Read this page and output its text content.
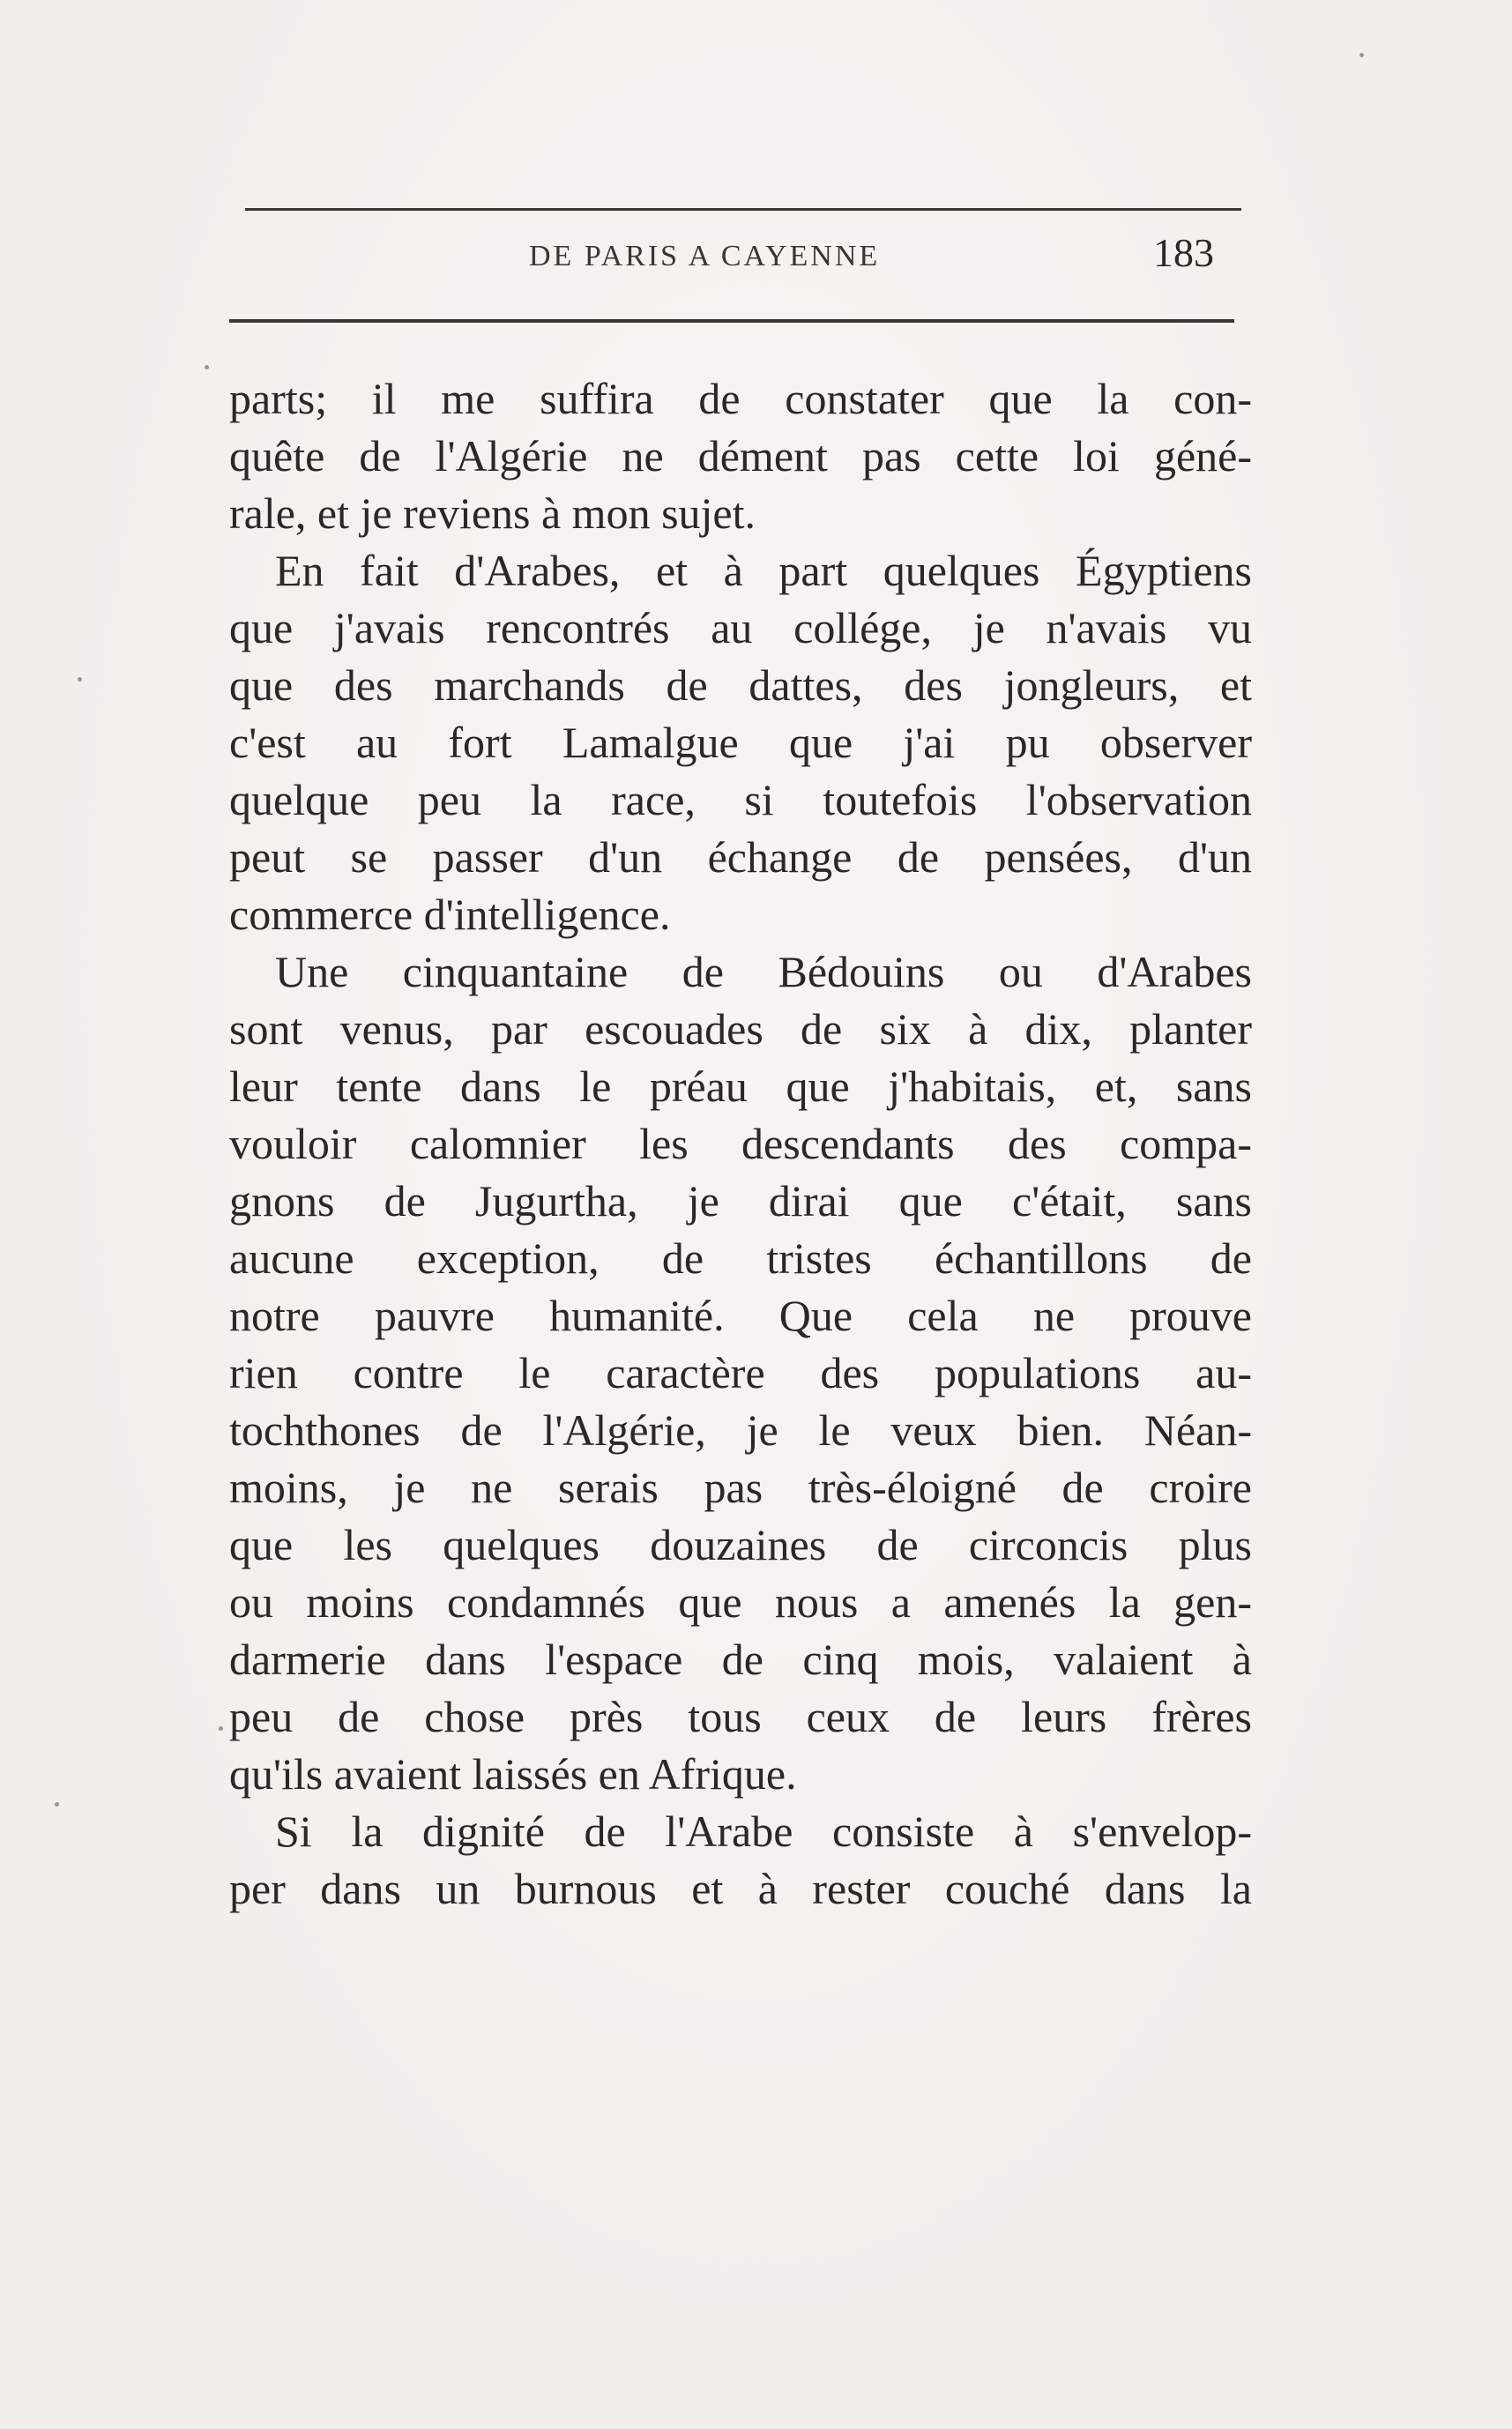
DE PARIS A CAYENNE	183
parts; il me suffira de constater que la con-
quête de l'Algérie ne dément pas cette loi géné-
rale, et je reviens à mon sujet.
En fait d'Arabes, et à part quelques Égyptiens
que j'avais rencontrés au collége, je n'avais vu
que des marchands de dattes, des jongleurs, et
c'est au fort Lamalgue que j'ai pu observer
quelque peu la race, si toutefois l'observation
peut se passer d'un échange de pensées, d'un
commerce d'intelligence.
Une cinquantaine de Bédouins ou d'Arabes
sont venus, par escouades de six à dix, planter
leur tente dans le préau que j'habitais, et, sans
vouloir calomnier les descendants des compa-
gnons de Jugurtha, je dirai que c'était, sans
aucune exception, de tristes échantillons de
notre pauvre humanité. Que cela ne prouve
rien contre le caractère des populations au-
tochthones de l'Algérie, je le veux bien. Néan-
moins, je ne serais pas très-éloigné de croire
que les quelques douzaines de circoncis plus
ou moins condamnés que nous a amenés la gen-
darmerie dans l'espace de cinq mois, valaient à
peu de chose près tous ceux de leurs frères
qu'ils avaient laissés en Afrique.
Si la dignité de l'Arabe consiste à s'envelop-
per dans un burnous et à rester couché dans la
